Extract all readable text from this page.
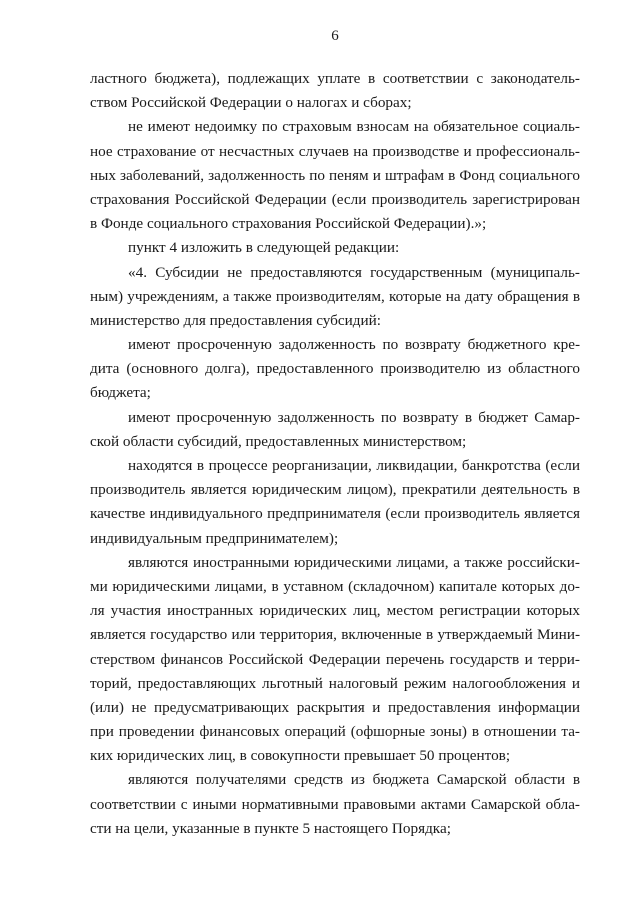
6
ластного бюджета), подлежащих уплате в соответствии с законодатель-
ством Российской Федерации о налогах и сборах;
не имеют недоимку по страховым взносам на обязательное социаль-
ное страхование от несчастных случаев на производстве и профессиональ-
ных заболеваний, задолженность по пеням и штрафам в Фонд социального
страхования Российской Федерации (если производитель зарегистрирован
в Фонде социального страхования Российской Федерации).»;
пункт 4 изложить в следующей редакции:
«4. Субсидии не предоставляются государственным (муниципаль-
ным) учреждениям, а также производителям, которые на дату обращения в
министерство для предоставления субсидий:
имеют просроченную задолженность по возврату бюджетного кре-
дита (основного долга), предоставленного производителю из областного
бюджета;
имеют просроченную задолженность по возврату в бюджет Самар-
ской области субсидий, предоставленных министерством;
находятся в процессе реорганизации, ликвидации, банкротства (если
производитель является юридическим лицом), прекратили деятельность в
качестве индивидуального предпринимателя (если производитель является
индивидуальным предпринимателем);
являются иностранными юридическими лицами, а также российски-
ми юридическими лицами, в уставном (складочном) капитале которых до-
ля участия иностранных юридических лиц, местом регистрации которых
является государство или территория, включенные в утверждаемый Мини-
стерством финансов Российской Федерации перечень государств и терри-
торий, предоставляющих льготный налоговый режим налогообложения и
(или) не предусматривающих раскрытия и предоставления информации
при проведении финансовых операций (офшорные зоны) в отношении та-
ких юридических лиц, в совокупности превышает 50 процентов;
являются получателями средств из бюджета Самарской области в
соответствии с иными нормативными правовыми актами Самарской обла-
сти на цели, указанные в пункте 5 настоящего Порядка;
